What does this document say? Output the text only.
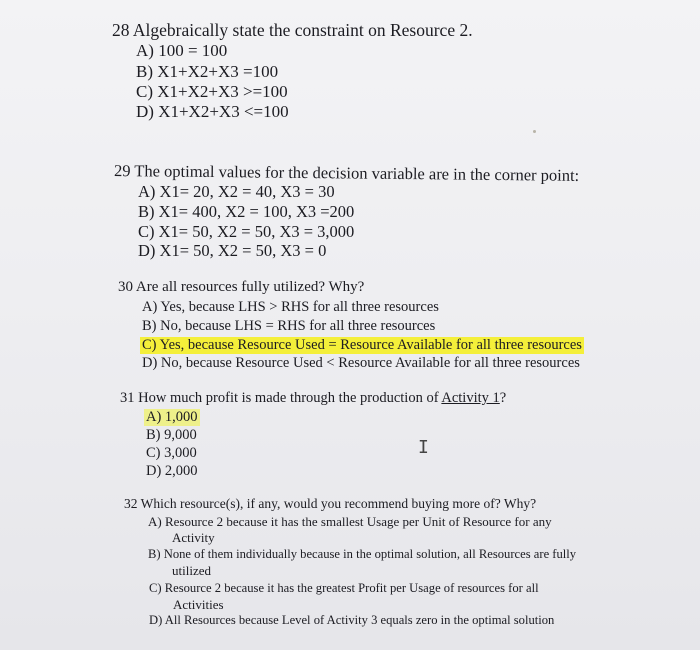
28 Algebraically state the constraint on Resource 2.
A) 100 = 100
B) X1+X2+X3 =100
C) X1+X2+X3 >=100
D) X1+X2+X3 <=100
29 The optimal values for the decision variable are in the corner point:
A) X1= 20, X2 = 40, X3 = 30
B) X1= 400, X2 = 100, X3 =200
C) X1= 50, X2 = 50, X3 = 3,000
D) X1= 50, X2 = 50, X3 = 0
30 Are all resources fully utilized? Why?
A) Yes, because LHS > RHS for all three resources
B) No, because LHS = RHS for all three resources
C) Yes, because Resource Used = Resource Available for all three resources
D) No, because Resource Used < Resource Available for all three resources
31 How much profit is made through the production of Activity 1?
A) 1,000
B) 9,000
C) 3,000
D) 2,000
I
32 Which resource(s), if any, would you recommend buying more of? Why?
A) Resource 2 because it has the smallest Usage per Unit of Resource for any
Activity
B) None of them individually because in the optimal solution, all Resources are fully
utilized
C) Resource 2 because it has the greatest Profit per Usage of resources for all
Activities
D) All Resources because Level of Activity 3 equals zero in the optimal solution
